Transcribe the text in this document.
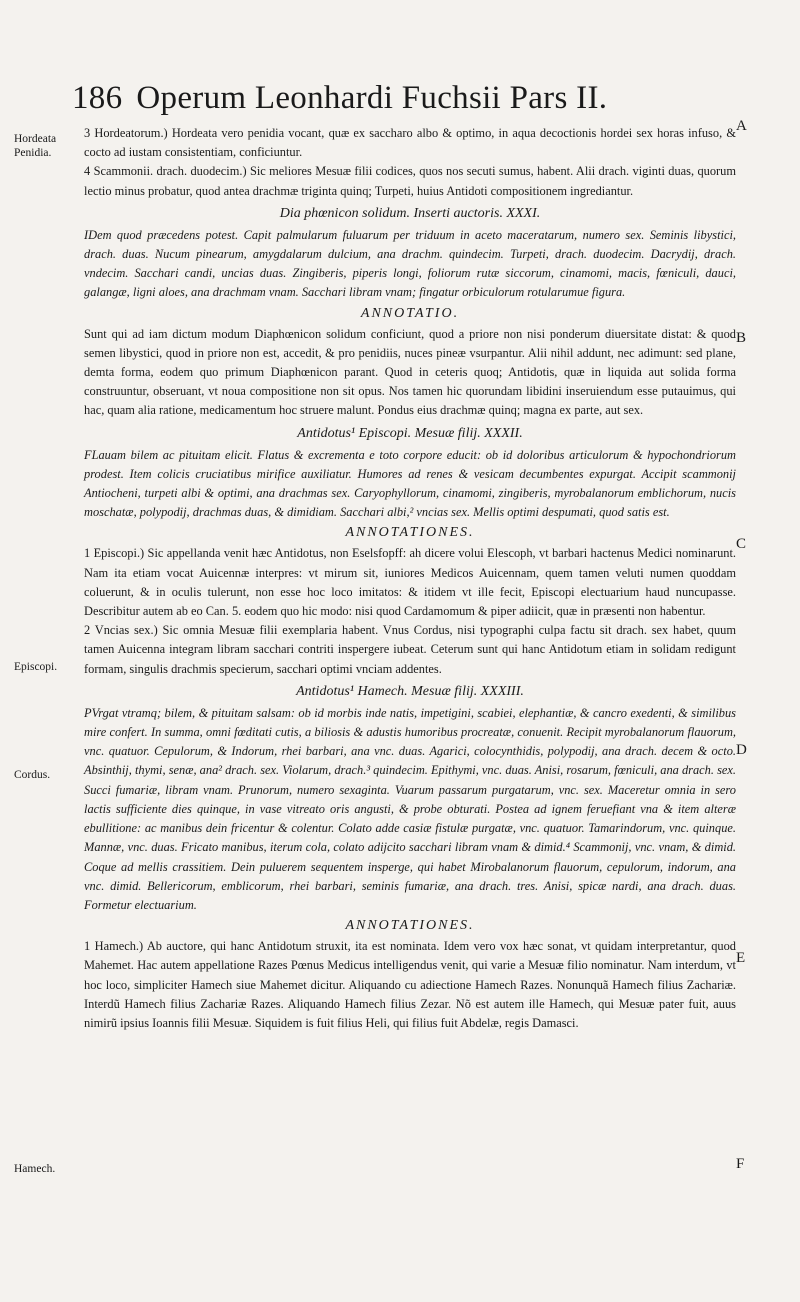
186 Operum Leonhardi Fuchsii Pars II.
Hordeata Penidia.
Episcopi.
Cordus.
Hamech.
A
B
C
D
E
F

3 Hordeatorum.) Hordeata vero penidia vocant, quæ ex saccharo albo & optimo, in aqua decoctionis hordei sex horas infuso, & cocto ad iustam consistentiam, conficiuntur.

4 Scammonii. drach. duodecim.) Sic meliores Mesuæ filii codices, quos nos secuti sumus, habent. Alii drach. viginti duas, quorum lectio minus probatur, quod antea drachmæ triginta quinq; Turpeti, huius Antidoti compositionem ingrediantur.

Dia phœnicon solidum. Inserti auctoris. XXXI.

IDem quod præcedens potest. Capit palmularum fuluarum per triduum in aceto maceratarum, numero sex. Seminis libystici, drach. duas. Nucum pinearum, amygdalarum dulcium, ana drachm. quindecim. Turpeti, drach. duodecim. Dacrydij, drach. vndecim. Sacchari candi, uncias duas. Zingiberis, piperis longi, foliorum rutæ siccorum, cinamomi, macis, fœniculi, dauci, galangæ, ligni aloes, ana drachmam vnam. Sacchari libram vnam; fingatur orbiculorum rotularumue figura.

ANNOTATIO.

Sunt qui ad iam dictum modum Diaphœnicon solidum conficiunt, quod a priore non nisi ponderum diuersitate distat: & quod semen libystici, quod in priore non est, accedit, & pro penidiis, nuces pineæ vsurpantur. Alii nihil addunt, nec adimunt: sed plane, demta forma, eodem quo primum Diaphœnicon parant. Quod in ceteris quoq; Antidotis, quæ in liquida aut solida forma construuntur, obseruant, vt noua compositione non sit opus. Nos tamen hic quorundam libidini inseruiendum esse putauimus, qui hac, quam alia ratione, medicamentum hoc struere malunt. Pondus eius drachmæ quinq; magna ex parte, aut sex.

Antidotus¹ Episcopi. Mesuæ filij. XXXII.

FLauam bilem ac pituitam elicit. Flatus & excrementa e toto corpore educit: ob id doloribus articulorum & hypochondriorum prodest. Item colicis cruciatibus mirifice auxiliatur. Humores ad renes & vesicam decumbentes expurgat. Accipit scammonij Antiocheni, turpeti albi & optimi, ana drachmas sex. Caryophyllorum, cinamomi, zingiberis, myrobalanorum emblichorum, nucis moschatæ, polypodij, drachmas duas, & dimidiam. Sacchari albi,² vncias sex. Mellis optimi despumati, quod satis est.

ANNOTATIONES.

1 Episcopi.) Sic appellanda venit hæc Antidotus, non Eselsfopff: ah dicere volui Elescoph, vt barbari hactenus Medici nominarunt. Nam ita etiam vocat Auicennæ interpres: vt mirum sit, iuniores Medicos Auicennam, quem tamen veluti numen quoddam coluerunt, & in oculis tulerunt, non esse hoc loco imitatos: & itidem vt ille fecit, Episcopi electuarium haud nuncupasse. Describitur autem ab eo Can. 5. eodem quo hic modo: nisi quod Cardamomum & piper adiicit, quæ in præsenti non habentur.

2 Vncias sex.) Sic omnia Mesuæ filii exemplaria habent. Vnus Cordus, nisi typographi culpa factu sit drach. sex habet, quum tamen Auicenna integram libram sacchari contriti inspergere iubeat. Ceterum sunt qui hanc Antidotum etiam in solidam redigunt formam, singulis drachmis specierum, sacchari optimi vnciam addentes.

Antidotus¹ Hamech. Mesuæ filij. XXXIII.

PVrgat vtramq; bilem, & pituitam salsam: ob id morbis inde natis, impetigini, scabiei, elephantiæ, & cancro exedenti, & similibus mire confert. In summa, omni fœditati cutis, a biliosis & adustis humoribus procreatæ, conuenit. Recipit myrobalanorum flauorum, vnc. quatuor. Cepulorum, & Indorum, rhei barbari, ana vnc. duas. Agarici, colocynthidis, polypodij, ana drach. decem & octo. Absinthij, thymi, senæ, ana² drach. sex. Violarum, drach.³ quindecim. Epithymi, vnc. duas. Anisi, rosarum, fœniculi, ana drach. sex. Succi fumariæ, libram vnam. Prunorum, numero sexaginta. Vuarum passarum purgatarum, vnc. sex. Maceretur omnia in sero lactis sufficiente dies quinque, in vase vitreato oris angusti, & probe obturati. Postea ad ignem feruefiant vna & item alteræ ebullitione: ac manibus dein fricentur & colentur. Colato adde casiæ fistulæ purgatæ, vnc. quatuor. Tamarindorum, vnc. quinque. Mannæ, vnc. duas. Fricato manibus, iterum cola, colato adijcito sacchari libram vnam & dimid.⁴ Scammonij, vnc. vnam, & dimid. Coque ad mellis crassitiem. Dein puluerem sequentem insperge, qui habet Mirobalanorum flauorum, cepulorum, indorum, ana vnc. dimid. Bellericorum, emblicorum, rhei barbari, seminis fumariæ, ana drach. tres. Anisi, spicæ nardi, ana drach. duas. Formetur electuarium.

ANNOTATIONES.

1 Hamech.) Ab auctore, qui hanc Antidotum struxit, ita est nominata. Idem vero vox hæc sonat, vt quidam interpretantur, quod Mahemet. Hac autem appellatione Razes Pœnus Medicus intelligendus venit, qui varie a Mesuæ filio nominatur. Nam interdum, vt hoc loco, simpliciter Hamech siue Mahemet dicitur. Aliquando cu adiectione Hamech Razes. Nonunquã Hamech filius Zachariæ. Interdũ Hamech filius Zachariæ Razes. Aliquando Hamech filius Zezar. Nõ est autem ille Hamech, qui Mesuæ pater fuit, auus nimirũ ipsius Ioannis filii Mesuæ. Siquidem is fuit filius Heli, qui filius fuit Abdelæ, regis Damasci.
